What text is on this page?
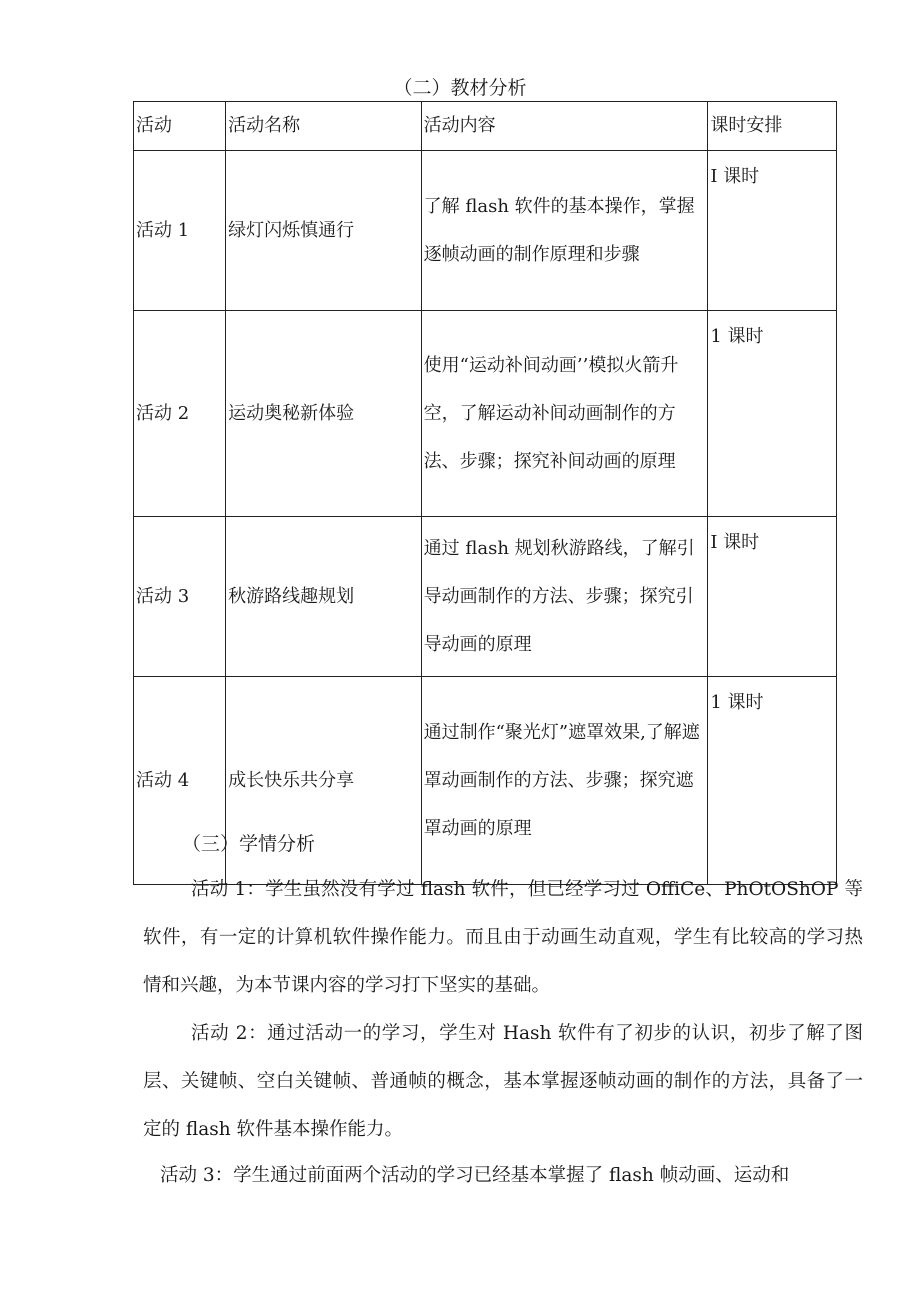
（二）教材分析
活动	活动名称	活动内容	课时安排
活动 1	绿灯闪烁慎通行	了解 flash 软件的基本操作，掌握逐帧动画的制作原理和步骤	I 课时
活动 2	运动奥秘新体验	使用“运动补间动画’’模拟火箭升空，了解运动补间动画制作的方法、步骤；探究补间动画的原理	1 课时
活动 3	秋游路线趣规划	通过 flash 规划秋游路线，了解引导动画制作的方法、步骤；探究引导动画的原理	I 课时
活动 4	成长快乐共分享	通过制作“聚光灯”遮罩效果,了解遮罩动画制作的方法、步骤；探究遮罩动画的原理	1 课时
（三）学情分析

活动 1：学生虽然没有学过 flash 软件，但已经学习过 OffiCe、PhOtOShOP 等软件，有一定的计算机软件操作能力。而且由于动画生动直观，学生有比较高的学习热情和兴趣，为本节课内容的学习打下坚实的基础。

活动 2：通过活动一的学习，学生对 Hash 软件有了初步的认识，初步了解了图层、关键帧、空白关键帧、普通帧的概念，基本掌握逐帧动画的制作的方法，具备了一定的 flash 软件基本操作能力。

活动 3：学生通过前面两个活动的学习已经基本掌握了 flash 帧动画、运动和
